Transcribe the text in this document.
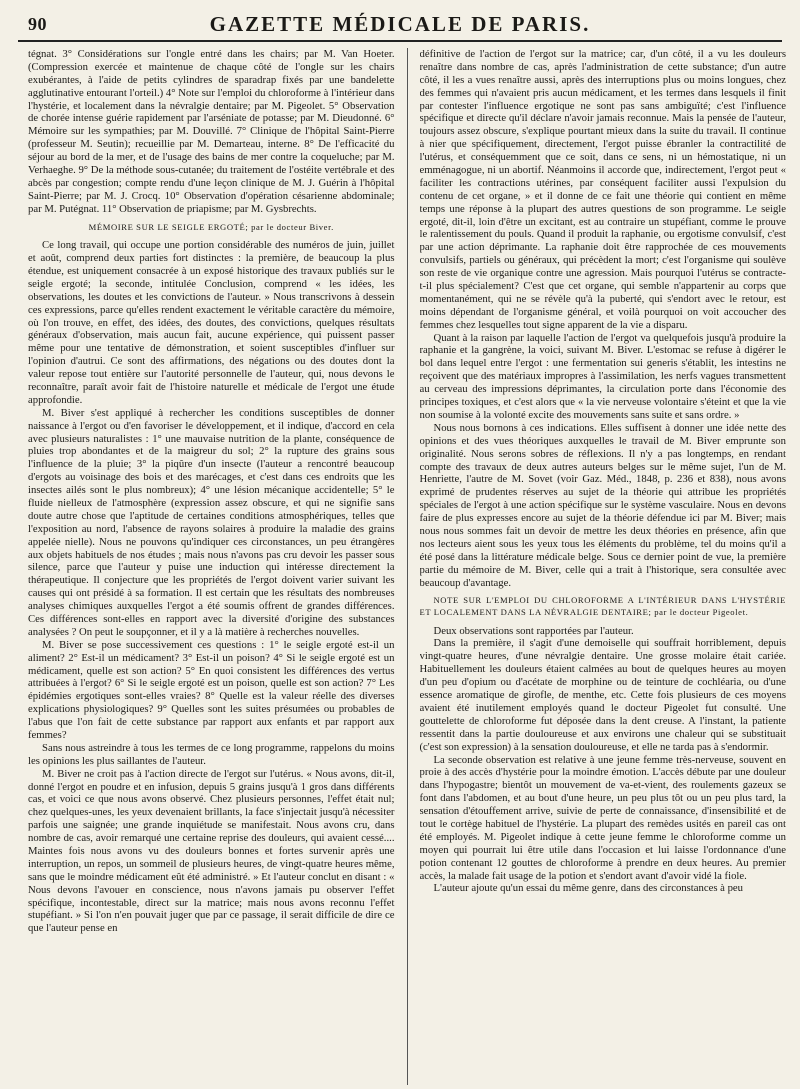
90	GAZETTE MÉDICALE DE PARIS.

tégnat. 3° Considérations sur l'ongle entré dans les chairs; par M. Van Hoeter. (Compression exercée et maintenue de chaque côté de l'ongle sur les chairs exubérantes, à l'aide de petits cylindres de sparadrap fixés par une bandelette agglutinative entourant l'orteil.) 4° Note sur l'emploi du chloroforme à l'intérieur dans l'hystérie, et localement dans la névralgie dentaire; par M. Pigeolet. 5° Observation de chorée intense guérie rapidement par l'arséniate de potasse; par M. Dieudonné. 6° Mémoire sur les sympathies; par M. Douvillé. 7° Clinique de l'hôpital Saint-Pierre (professeur M. Seutin); recueillie par M. Demarteau, interne. 8° De l'efficacité du séjour au bord de la mer, et de l'usage des bains de mer contre la coqueluche; par M. Verhaeghe. 9° De la méthode sous-cutanée; du traitement de l'ostéite vertébrale et des abcès par congestion; compte rendu d'une leçon clinique de M. J. Guérin à l'hôpital Saint-Pierre; par M. J. Crocq. 10° Observation d'opération césarienne abdominale; par M. Putégnat. 11° Observation de priapisme; par M. Gysbrechts.

MÉMOIRE SUR LE SEIGLE ERGOTÉ; par le docteur Biver.

Ce long travail, qui occupe une portion considérable des numéros de juin, juillet et août, comprend deux parties fort distinctes : la première, de beaucoup la plus étendue, est uniquement consacrée à un exposé historique des travaux publiés sur le seigle ergoté; la seconde, intitulée Conclusion, comprend « les idées, les observations, les doutes et les convictions de l'auteur. » Nous transcrivons à dessein ces expressions, parce qu'elles rendent exactement le véritable caractère du mémoire, où l'on trouve, en effet, des idées, des doutes, des convictions, quelques résultats généraux d'observation, mais aucun fait, aucune expérience, qui puissent passer même pour une tentative de démonstration, et soient susceptibles d'influer sur l'opinion d'autrui. Ce sont des affirmations, des négations ou des doutes dont la valeur repose tout entière sur l'autorité personnelle de l'auteur, qui, nous devons le reconnaître, paraît avoir fait de l'histoire naturelle et médicale de l'ergot une étude approfondie.

M. Biver s'est appliqué à rechercher les conditions susceptibles de donner naissance à l'ergot ou d'en favoriser le développement, et il indique, d'accord en cela avec plusieurs naturalistes : 1° une mauvaise nutrition de la plante, conséquence de pluies trop abondantes et de la maigreur du sol; 2° la rupture des grains sous l'influence de la pluie; 3° la piqûre d'un insecte (l'auteur a rencontré beaucoup d'ergots au voisinage des bois et des marécages, et c'est dans ces endroits que les insectes ailés sont le plus nombreux); 4° une lésion mécanique accidentelle; 5° le fluide nielleux de l'atmosphère (expression assez obscure, et qui ne signifie sans doute autre chose que l'aptitude de certaines conditions atmosphériques, telles que l'exposition au nord, l'absence de rayons solaires à produire la maladie des grains appelée nielle). Nous ne pouvons qu'indiquer ces circonstances, un peu étrangères aux objets habituels de nos études ; mais nous n'avons pas cru devoir les passer sous silence, parce que l'auteur y puise une induction qui intéresse directement la thérapeutique. Il conjecture que les propriétés de l'ergot doivent varier suivant les causes qui ont présidé à sa formation. Il est certain que les résultats des nombreuses analyses chimiques auxquelles l'ergot a été soumis offrent de grandes différences. Ces différences sont-elles en rapport avec la diversité d'origine des substances analysées ? On peut le soupçonner, et il y a là matière à recherches nouvelles.

M. Biver se pose successivement ces questions : 1° le seigle ergoté est-il un aliment? 2° Est-il un médicament? 3° Est-il un poison? 4° Si le seigle ergoté est un médicament, quelle est son action? 5° En quoi consistent les différences des vertus attribuées à l'ergot? 6° Si le seigle ergoté est un poison, quelle est son action? 7° Les épidémies ergotiques sont-elles vraies? 8° Quelle est la valeur réelle des diverses explications physiologiques? 9° Quelles sont les suites présumées ou probables de l'abus que l'on fait de cette substance par rapport aux enfants et par rapport aux femmes?

Sans nous astreindre à tous les termes de ce long programme, rappelons du moins les opinions les plus saillantes de l'auteur.

M. Biver ne croit pas à l'action directe de l'ergot sur l'utérus. « Nous avons, dit-il, donné l'ergot en poudre et en infusion, depuis 5 grains jusqu'à 1 gros dans différents cas, et voici ce que nous avons observé. Chez plusieurs personnes, l'effet était nul; chez quelques-unes, les yeux devenaient brillants, la face s'injectait jusqu'à nécessiter parfois une saignée; une grande inquiétude se manifestait. Nous avons cru, dans nombre de cas, avoir remarqué une certaine reprise des douleurs, qui avaient cessé.... Maintes fois nous avons vu des douleurs bonnes et fortes survenir après une interruption, un repos, un sommeil de plusieurs heures, de vingt-quatre heures même, sans que le moindre médicament eût été administré. » Et l'auteur conclut en disant : « Nous devons l'avouer en conscience, nous n'avons jamais pu observer l'effet spécifique, incontestable, direct sur la matrice; mais nous avons reconnu l'effet stupéfiant. » Si l'on n'en pouvait juger que par ce passage, il serait difficile de dire ce que l'auteur pense en

définitive de l'action de l'ergot sur la matrice; car, d'un côté, il a vu les douleurs renaître dans nombre de cas, après l'administration de cette substance; d'un autre côté, il les a vues renaître aussi, après des interruptions plus ou moins longues, chez des femmes qui n'avaient pris aucun médicament, et les termes dans lesquels il finit par contester l'influence ergotique ne sont pas sans ambiguïté; c'est l'influence spécifique et directe qu'il déclare n'avoir jamais reconnue. Mais la pensée de l'auteur, toujours assez obscure, s'explique pourtant mieux dans la suite du travail. Il continue à nier que spécifiquement, directement, l'ergot puisse ébranler la contractilité de l'utérus, et conséquemment que ce soit, dans ce sens, ni un hémostatique, ni un emménagogue, ni un abortif. Néanmoins il accorde que, indirectement, l'ergot peut « faciliter les contractions utérines, par conséquent faciliter aussi l'expulsion du contenu de cet organe, » et il donne de ce fait une théorie qui contient en même temps une réponse à la plupart des autres questions de son programme. Le seigle ergoté, dit-il, loin d'être un excitant, est au contraire un stupéfiant, comme le prouve le ralentissement du pouls. Quand il produit la raphanie, ou ergotisme convulsif, c'est par une action déprimante. La raphanie doit être rapprochée de ces mouvements convulsifs, partiels ou généraux, qui précèdent la mort; c'est l'organisme qui soulève son reste de vie organique contre une agression. Mais pourquoi l'utérus se contracte-t-il plus spécialement? C'est que cet organe, qui semble n'appartenir au corps que momentanément, qui ne se révèle qu'à la puberté, qui s'endort avec le retour, est moins dépendant de l'organisme général, et voilà pourquoi on voit accoucher des femmes chez lesquelles tout signe apparent de la vie a disparu.

Quant à la raison par laquelle l'action de l'ergot va quelquefois jusqu'à produire la raphanie et la gangrène, la voici, suivant M. Biver. L'estomac se refuse à digérer le bol dans lequel entre l'ergot : une fermentation sui generis s'établit, les intestins ne reçoivent que des matériaux impropres à l'assimilation, les nerfs vagues transmettent au cerveau des impressions déprimantes, la circulation porte dans l'économie des principes toxiques, et c'est alors que « la vie nerveuse volontaire s'éteint et que la vie non soumise à la volonté excite des mouvements sans suite et sans ordre. »

Nous nous bornons à ces indications. Elles suffisent à donner une idée nette des opinions et des vues théoriques auxquelles le travail de M. Biver emprunte son originalité. Nous serons sobres de réflexions. Il n'y a pas longtemps, en rendant compte des travaux de deux autres auteurs belges sur le même sujet, l'un de M. Henriette, l'autre de M. Sovet (voir Gaz. Méd., 1848, p. 236 et 838), nous avons exprimé de prudentes réserves au sujet de la théorie qui attribue les propriétés spéciales de l'ergot à une action spécifique sur le système vasculaire. Nous en devons faire de plus expresses encore au sujet de la théorie défendue ici par M. Biver; mais nous nous sommes fait un devoir de mettre les deux théories en présence, afin que nos lecteurs aient sous les yeux tous les éléments du problème, tel du moins qu'il a été posé dans la littérature médicale belge. Sous ce dernier point de vue, la première partie du mémoire de M. Biver, celle qui a trait à l'historique, sera consultée avec beaucoup d'avantage.

NOTE SUR L'EMPLOI DU CHLOROFORME A L'INTÉRIEUR DANS L'HYSTÉRIE ET LOCALEMENT DANS LA NÉVRALGIE DENTAIRE; par le docteur Pigeolet.

Deux observations sont rapportées par l'auteur.

Dans la première, il s'agit d'une demoiselle qui souffrait horriblement, depuis vingt-quatre heures, d'une névralgie dentaire. Une grosse molaire était cariée. Habituellement les douleurs étaient calmées au bout de quelques heures au moyen d'un peu d'opium ou d'acétate de morphine ou de teinture de cochléaria, ou d'une essence aromatique de girofle, de menthe, etc. Cette fois plusieurs de ces moyens avaient été inutilement employés quand le docteur Pigeolet fut consulté. Une gouttelette de chloroforme fut déposée dans la dent creuse. A l'instant, la patiente ressentit dans la partie douloureuse et aux environs une chaleur qui se substituait (c'est son expression) à la sensation douloureuse, et elle ne tarda pas à s'endormir.

La seconde observation est relative à une jeune femme très-nerveuse, souvent en proie à des accès d'hystérie pour la moindre émotion. L'accès débute par une douleur dans l'hypogastre; bientôt un mouvement de va-et-vient, des roulements gazeux se font dans l'abdomen, et au bout d'une heure, un peu plus tôt ou un peu plus tard, la sensation d'étouffement arrive, suivie de perte de connaissance, d'insensibilité et de tout le cortège habituel de l'hystérie. La plupart des remèdes usités en pareil cas ont été employés. M. Pigeolet indique à cette jeune femme le chloroforme comme un moyen qui pourrait lui être utile dans l'occasion et lui laisse l'ordonnance d'une potion contenant 12 gouttes de chloroforme à prendre en deux heures. Au premier accès, la malade fait usage de la potion et s'endort avant d'avoir vidé la fiole.

L'auteur ajoute qu'un essai du même genre, dans des circonstances à peu
